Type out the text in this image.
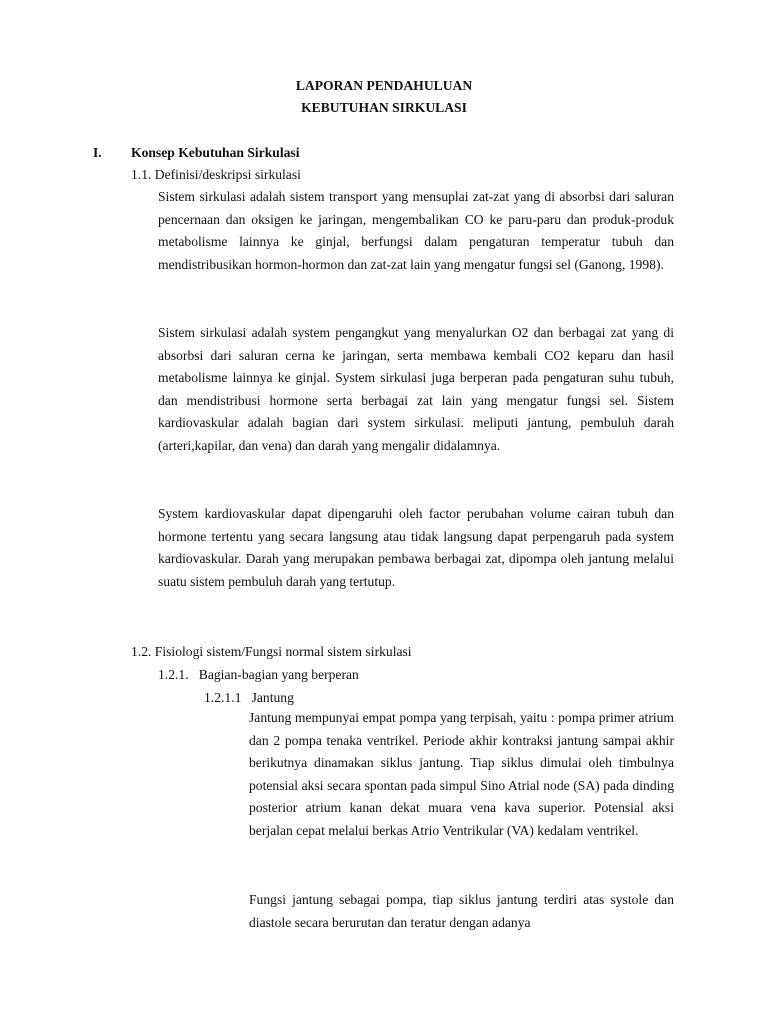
LAPORAN PENDAHULUAN
KEBUTUHAN SIRKULASI
I. Konsep Kebutuhan Sirkulasi
1.1. Definisi/deskripsi sirkulasi

Sistem sirkulasi adalah sistem transport yang mensuplai zat-zat yang di absorbsi dari saluran pencernaan dan oksigen ke jaringan, mengembalikan CO ke paru-paru dan produk-produk metabolisme lainnya ke ginjal, berfungsi dalam pengaturan temperatur tubuh dan mendistribusikan hormon-hormon dan zat-zat lain yang mengatur fungsi sel (Ganong, 1998).

Sistem sirkulasi adalah system pengangkut yang menyalurkan O2 dan berbagai zat yang di absorbsi dari saluran cerna ke jaringan, serta membawa kembali CO2 keparu dan hasil metabolisme lainnya ke ginjal. System sirkulasi juga berperan pada pengaturan suhu tubuh, dan mendistribusi hormone serta berbagai zat lain yang mengatur fungsi sel. Sistem kardiovaskular adalah bagian dari system sirkulasi. meliputi jantung, pembuluh darah (arteri,kapilar, dan vena) dan darah yang mengalir didalamnya.

System kardiovaskular dapat dipengaruhi oleh factor perubahan volume cairan tubuh dan hormone tertentu yang secara langsung atau tidak langsung dapat perpengaruh pada system kardiovaskular. Darah yang merupakan pembawa berbagai zat, dipompa oleh jantung melalui suatu sistem pembuluh darah yang tertutup.

1.2. Fisiologi sistem/Fungsi normal sistem sirkulasi
1.2.1.   Bagian-bagian yang berperan
1.2.1.1   Jantung

Jantung mempunyai empat pompa yang terpisah, yaitu : pompa primer atrium dan 2 pompa tenaka ventrikel. Periode akhir kontraksi jantung sampai akhir berikutnya dinamakan siklus jantung. Tiap siklus dimulai oleh timbulnya potensial aksi secara spontan pada simpul Sino Atrial node (SA) pada dinding posterior atrium kanan dekat muara vena kava superior. Potensial aksi berjalan cepat melalui berkas Atrio Ventrikular (VA) kedalam ventrikel.

Fungsi jantung sebagai pompa, tiap siklus jantung terdiri atas systole dan diastole secara berurutan dan teratur dengan adanya
